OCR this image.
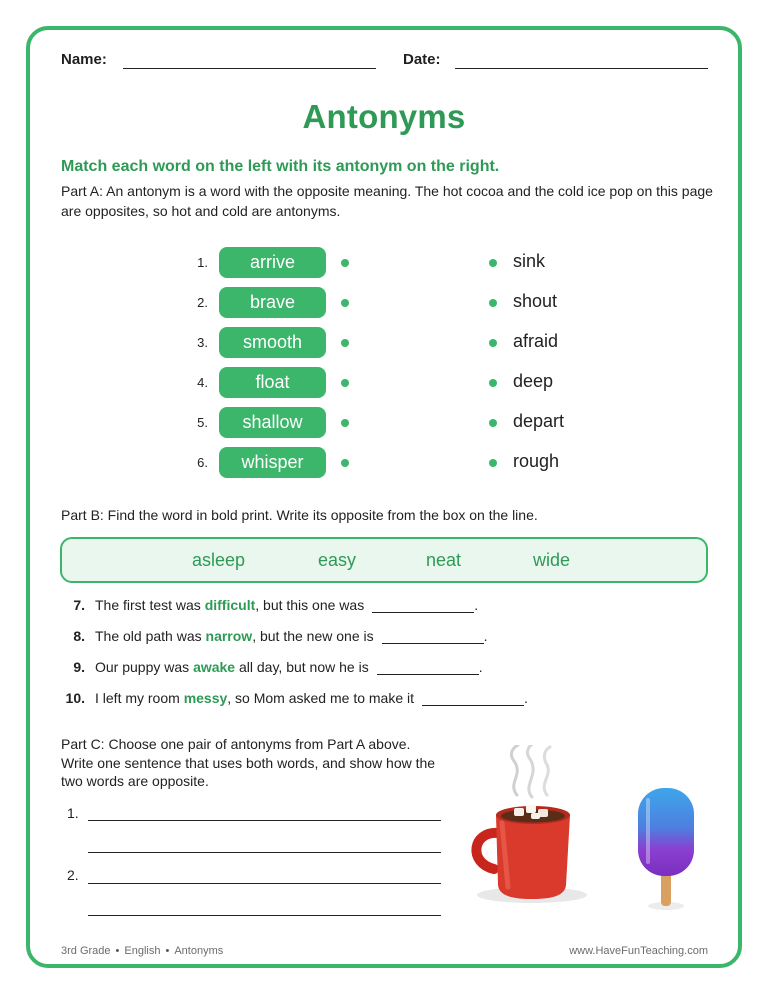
Name:	Date:
Antonyms
Match each word on the left with its antonym on the right.
Part A: An antonym is a word with the opposite meaning. The hot cocoa and the cold ice pop on this page are opposites, so hot and cold are antonyms.
1.	arrive	sink
2.	brave	shout
3.	smooth	afraid
4.	float	deep
5.	shallow	depart
6.	whisper	rough
Part B: Find the word in bold print. Write its opposite from the box on the line.
asleep	easy	neat	wide
7. The first test was difficult, but this one was	.
8. The old path was narrow, but the new one is	.
9. Our puppy was awake all day, but now he is	.
10. I left my room messy, so Mom asked me to make it	.
Part C: Choose one pair of antonyms from Part A above. Write one sentence that uses both words, and show how the two words are opposite.
1.
2.
3rd Grade • English • Antonyms	www.HaveFunTeaching.com
